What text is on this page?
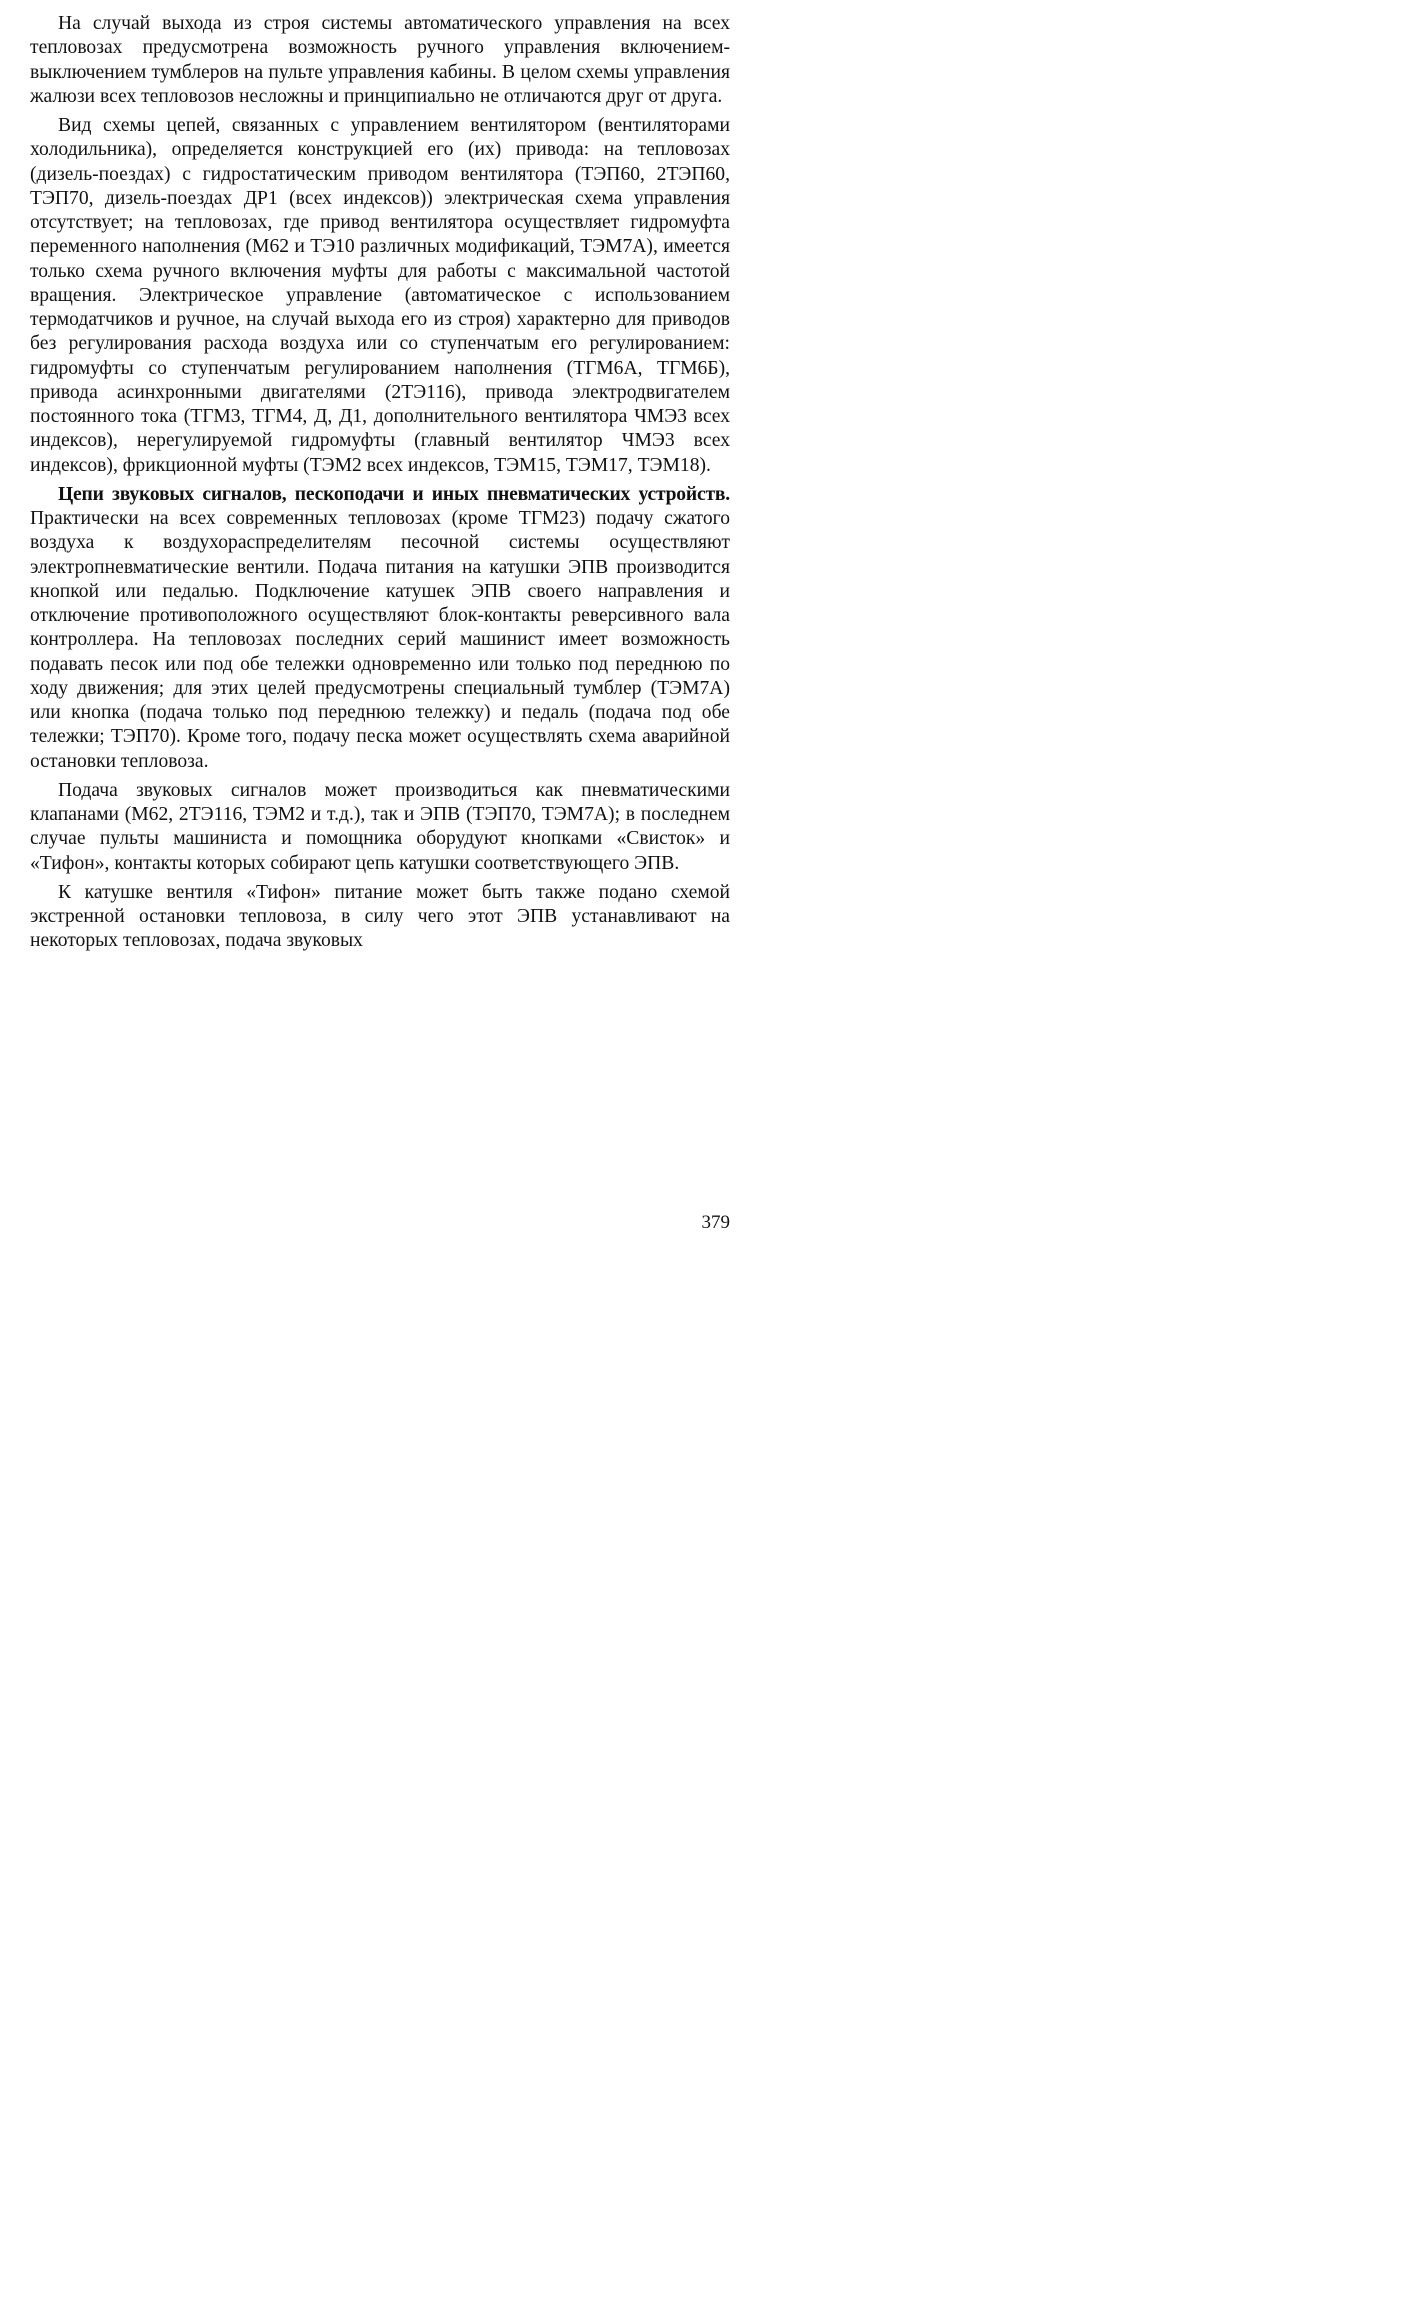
На случай выхода из строя системы автоматического управления на всех тепловозах предусмотрена возможность ручного управления включением-выключением тумблеров на пульте управления кабины. В целом схемы управления жалюзи всех тепловозов несложны и принципиально не отличаются друг от друга.

Вид схемы цепей, связанных с управлением вентилятором (вентиляторами холодильника), определяется конструкцией его (их) привода: на тепловозах (дизель-поездах) с гидростатическим приводом вентилятора (ТЭП60, 2ТЭП60, ТЭП70, дизель-поездах ДР1 (всех индексов)) электрическая схема управления отсутствует; на тепловозах, где привод вентилятора осуществляет гидромуфта переменного наполнения (М62 и ТЭ10 различных модификаций, ТЭМ7А), имеется только схема ручного включения муфты для работы с максимальной частотой вращения. Электрическое управление (автоматическое с использованием термодатчиков и ручное, на случай выхода его из строя) характерно для приводов без регулирования расхода воздуха или со ступенчатым его регулированием: гидромуфты со ступенчатым регулированием наполнения (ТГМ6А, ТГМ6Б), привода асинхронными двигателями (2ТЭ116), привода электродвигателем постоянного тока (ТГМ3, ТГМ4, Д, Д1, дополнительного вентилятора ЧМЭ3 всех индексов), нерегулируемой гидромуфты (главный вентилятор ЧМЭ3 всех индексов), фрикционной муфты (ТЭМ2 всех индексов, ТЭМ15, ТЭМ17, ТЭМ18).

Цепи звуковых сигналов, пескоподачи и иных пневматических устройств. Практически на всех современных тепловозах (кроме ТГМ23) подачу сжатого воздуха к воздухораспределителям песочной системы осуществляют электропневматические вентили. Подача питания на катушки ЭПВ производится кнопкой или педалью. Подключение катушек ЭПВ своего направления и отключение противоположного осуществляют блок-контакты реверсивного вала контроллера. На тепловозах последних серий машинист имеет возможность подавать песок или под обе тележки одновременно или только под переднюю по ходу движения; для этих целей предусмотрены специальный тумблер (ТЭМ7А) или кнопка (подача только под переднюю тележку) и педаль (подача под обе тележки; ТЭП70). Кроме того, подачу песка может осуществлять схема аварийной остановки тепловоза.

Подача звуковых сигналов может производиться как пневматическими клапанами (М62, 2ТЭ116, ТЭМ2 и т.д.), так и ЭПВ (ТЭП70, ТЭМ7А); в последнем случае пульты машиниста и помощника оборудуют кнопками «Свисток» и «Тифон», контакты которых собирают цепь катушки соответствующего ЭПВ.

К катушке вентиля «Тифон» питание может быть также подано схемой экстренной остановки тепловоза, в силу чего этот ЭПВ устанавливают на некоторых тепловозах, подача звуковых

379
